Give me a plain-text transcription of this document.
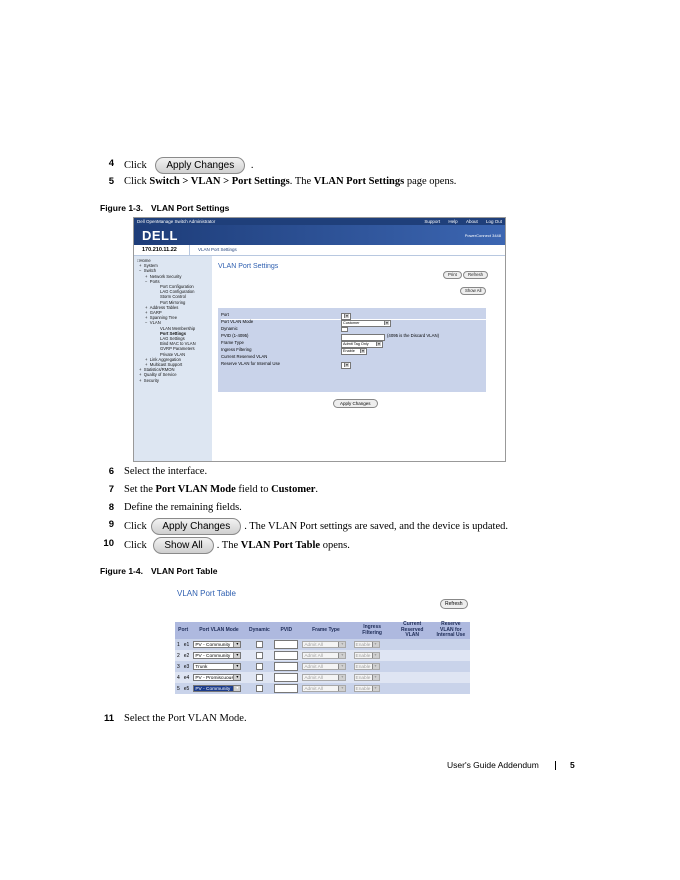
4 Click Apply Changes .
5 Click Switch > VLAN > Port Settings. The VLAN Port Settings page opens.
Figure 1-3. VLAN Port Settings
Dell OpenManage Switch Administrator	Support Help About Log Out
DELL	PowerConnect 3448
170.210.11.22	VLAN Port Settings
□Home
+  System
−  Switch
+  Network Security
−  Ports
Port Configuration
LAG Configuration
Storm Control
Port Mirroring
+  Address Tables
+  GARP
+  Spanning Tree
−  VLAN
VLAN Membership
Port Settings
LAG Settings
Bind MAC to VLAN
GVRP Parameters
Private VLAN
+  Link Aggregation
+  Multicast Support
+  Statistics/RMON
+  Quality of Service
+  Security
VLAN Port Settings
Print	Refresh
Show All
Port	▼
Port VLAN Mode	Customer	▼
Dynamic
PVID (1-4095)	(4095 is the Discard VLAN)
Frame Type	Admit Tag Only	▼
Ingress Filtering	Enable	▼
Current Reserved VLAN
Reserve VLAN for Internal Use	▼
Apply Changes
6 Select the interface.
7 Set the Port VLAN Mode field to Customer.
8 Define the remaining fields.
9 Click Apply Changes . The VLAN Port settings are saved, and the device is updated.
10 Click Show All . The VLAN Port Table opens.
Figure 1-4. VLAN Port Table
VLAN Port Table
Refresh
Port		Port VLAN Mode	Dynamic	PVID	Frame Type	Ingress Filtering	Current Reserved VLAN	Reserve VLAN for Internal Use
1	e1	PV - Community ▼			Admit All ▼	Enable ▼		

2	e2	PV - Community ▼			Admit All ▼	Enable ▼		

3	e3	Trunk ▼			Admit All ▼	Enable ▼		

4	e4	PV - Promiscuous ▼			Admit All ▼	Enable ▼		

5	e5	PV - Community ▼			Admit All ▼	Enable ▼		

11 Select the Port VLAN Mode.
User's Guide Addendum	5
